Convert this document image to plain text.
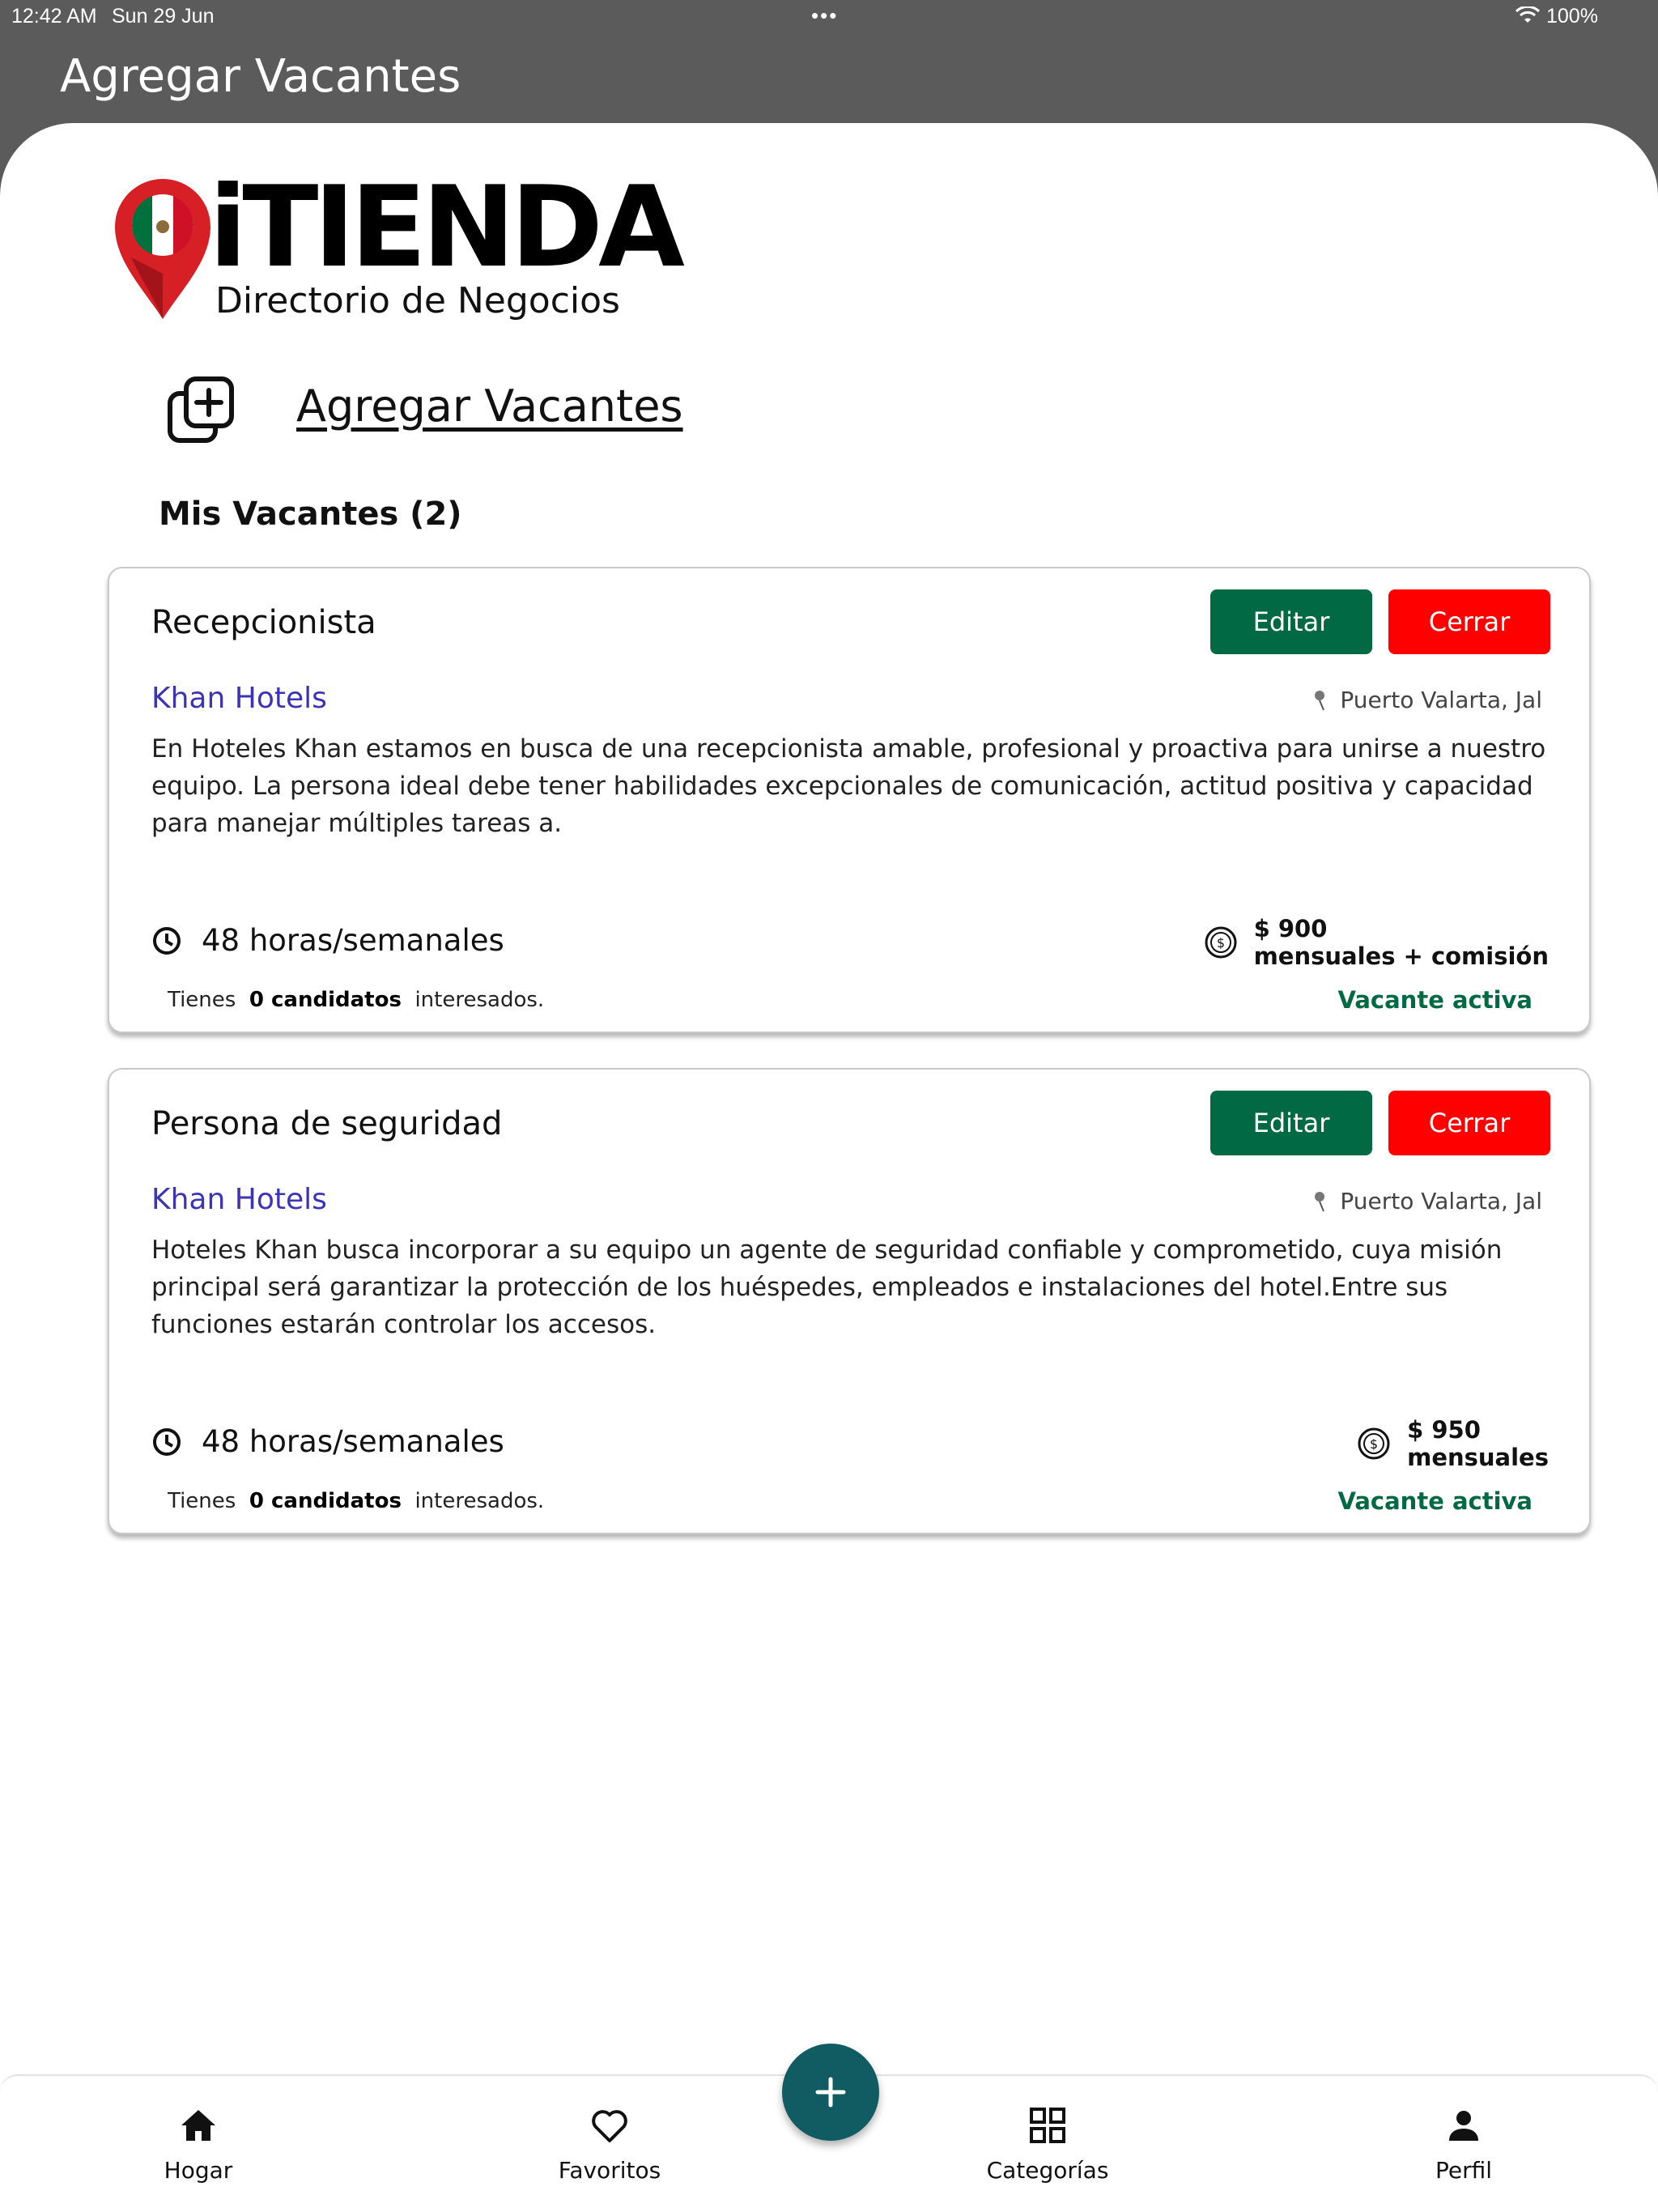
12:42 AM Sun 29 Jun	•••	100%
Agregar Vacantes
iTIENDA
Directorio de Negocios
Agregar Vacantes
Mis Vacantes (2)
Recepcionista	Editar	Cerrar
Khan Hotels	Puerto Valarta, Jal
En Hoteles Khan estamos en busca de una recepcionista amable, profesional y proactiva para unirse a nuestro equipo. La persona ideal debe tener habilidades excepcionales de comunicación, actitud positiva y capacidad para manejar múltiples tareas a.
48 horas/semanales	$
$ 900
mensuales + comisión
Tienes 0 candidatos interesados.	Vacante activa
Persona de seguridad	Editar	Cerrar
Khan Hotels	Puerto Valarta, Jal
Hoteles Khan busca incorporar a su equipo un agente de seguridad confiable y comprometido, cuya misión principal será garantizar la protección de los huéspedes, empleados e instalaciones del hotel.Entre sus funciones estarán controlar los accesos.
48 horas/semanales	$
$ 950
mensuales
Tienes 0 candidatos interesados.	Vacante activa
Hogar	Favoritos	Categorías	Perfil
